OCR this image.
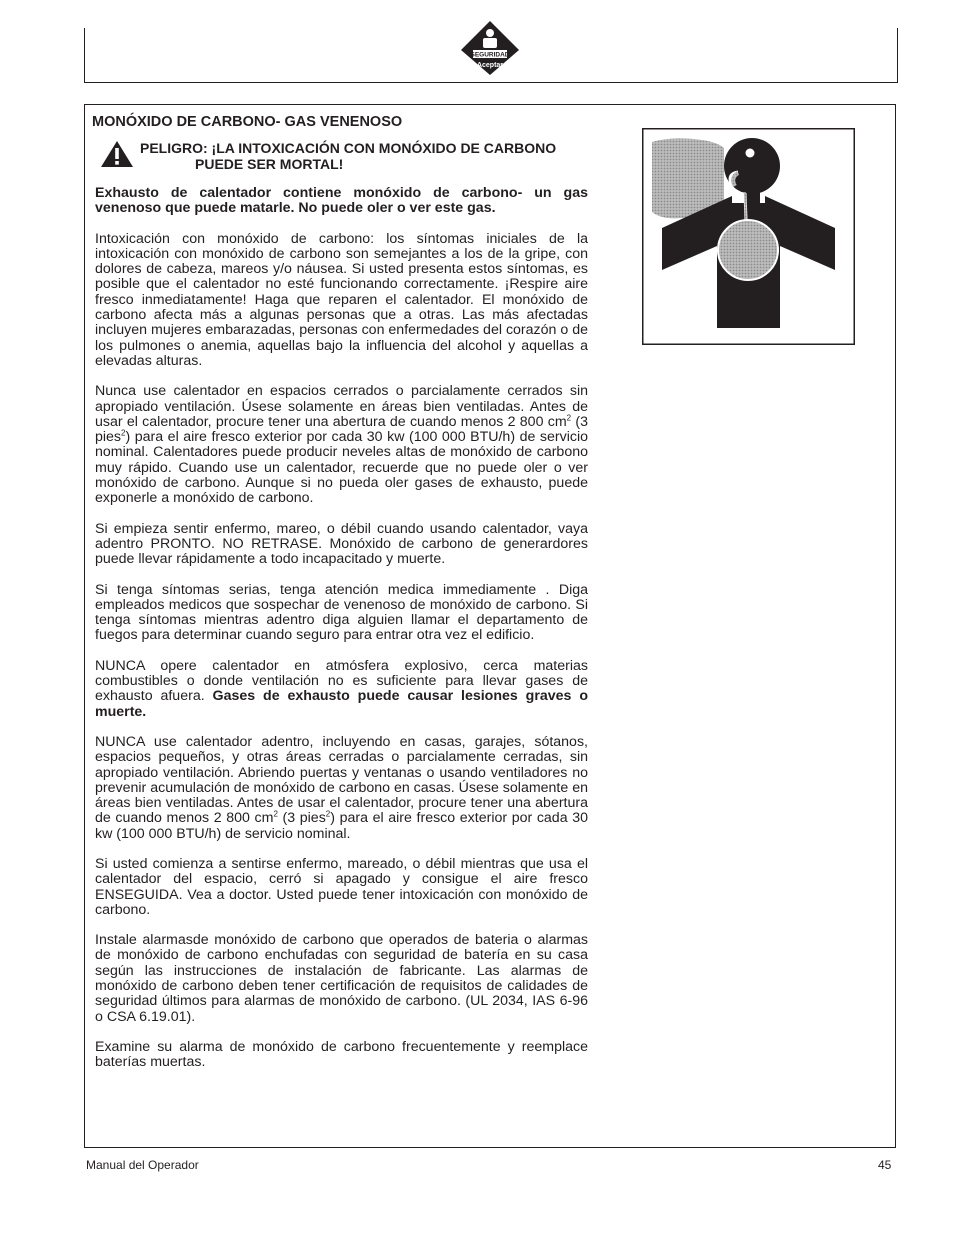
SEGURIDAD
Aceptar
MONÓXIDO DE CARBONO- GAS VENENOSO
PELIGRO: ¡LA INTOXICACIÓN CON MONÓXIDO DE CARBONO
PUEDE SER MORTAL!

Exhausto de calentador contiene monóxido de carbono- un gas venenoso que puede matarle. No puede oler o ver este gas.

Intoxicación con monóxido de carbono: los síntomas iniciales de la intoxicación con monóxido de carbono son semejantes a los de la gripe, con dolores de cabeza, mareos y/o náusea. Si usted presenta estos síntomas, es posible que el calentador no esté funcionando correctamente. ¡Respire aire fresco inmediatamente! Haga que reparen el calentador. El monóxido de carbono afecta más a algunas personas que a otras. Las más afectadas incluyen mujeres embarazadas, personas con enfermedades del corazón o de los pulmones o anemia, aquellas bajo la influencia del alcohol y aquellas a elevadas alturas.

Nunca use calentador en espacios cerrados o parcialamente cerrados sin apropiado ventilación. Úsese solamente en áreas bien ventiladas. Antes de usar el calentador, procure tener una abertura de cuando menos 2 800 $cm^2$ (3 pies$^2$) para el aire fresco exterior por cada 30 kw (100 000 BTU/h) de servicio nominal. Calentadores puede producir neveles altas de monóxido de carbono muy rápido. Cuando use un calentador, recuerde que no puede oler o ver monóxido de carbono. Aunque si no pueda oler gases de exhausto, puede exponerle a monóxido de carbono.

Si empieza sentir enfermo, mareo, o débil cuando usando calentador, vaya adentro PRONTO. NO RETRASE. Monóxido de carbono de generardores puede llevar rápidamente a todo incapacitado y muerte.

Si tenga síntomas serias, tenga atención medica immediamente . Diga empleados medicos que sospechar de venenoso de monóxido de carbono. Si tenga síntomas mientras adentro diga alguien llamar el departamento de fuegos para determinar cuando seguro para entrar otra vez el edificio.

NUNCA opere calentador en atmósfera explosivo, cerca materias combustibles o donde ventilación no es suficiente para llevar gases de exhausto afuera. Gases de exhausto puede causar lesiones graves o muerte.

NUNCA use calentador adentro, incluyendo en casas, garajes, sótanos, espacios pequeños, y otras áreas cerradas o parcialamente cerradas, sin apropiado ventilación. Abriendo puertas y ventanas o usando ventiladores no prevenir acumulación de monóxido de carbono en casas. Úsese solamente en áreas bien ventiladas. Antes de usar el calentador, procure tener una abertura de cuando menos 2 800 $cm^2$ (3 pies$^2$) para el aire fresco exterior por cada 30 kw (100 000 BTU/h) de servicio nominal.

Si usted comienza a sentirse enfermo, mareado, o débil mientras que usa el calentador del espacio, cerró si apagado y consigue el aire fresco ENSEGUIDA. Vea a doctor. Usted puede tener intoxicación con monóxido de carbono.

Instale alarmasde monóxido de carbono que operados de bateria o alarmas de monóxido de carbono enchufadas con seguridad de batería en su casa según las instrucciones de instalación de fabricante. Las alarmas de monóxido de carbono deben tener certificación de requisitos de calidades de seguridad últimos para alarmas de monóxido de carbono. (UL 2034, IAS 6-96 o CSA 6.19.01).

Examine su alarma de monóxido de carbono frecuentemente y reemplace baterías muertas.

Manual del Operador	45
